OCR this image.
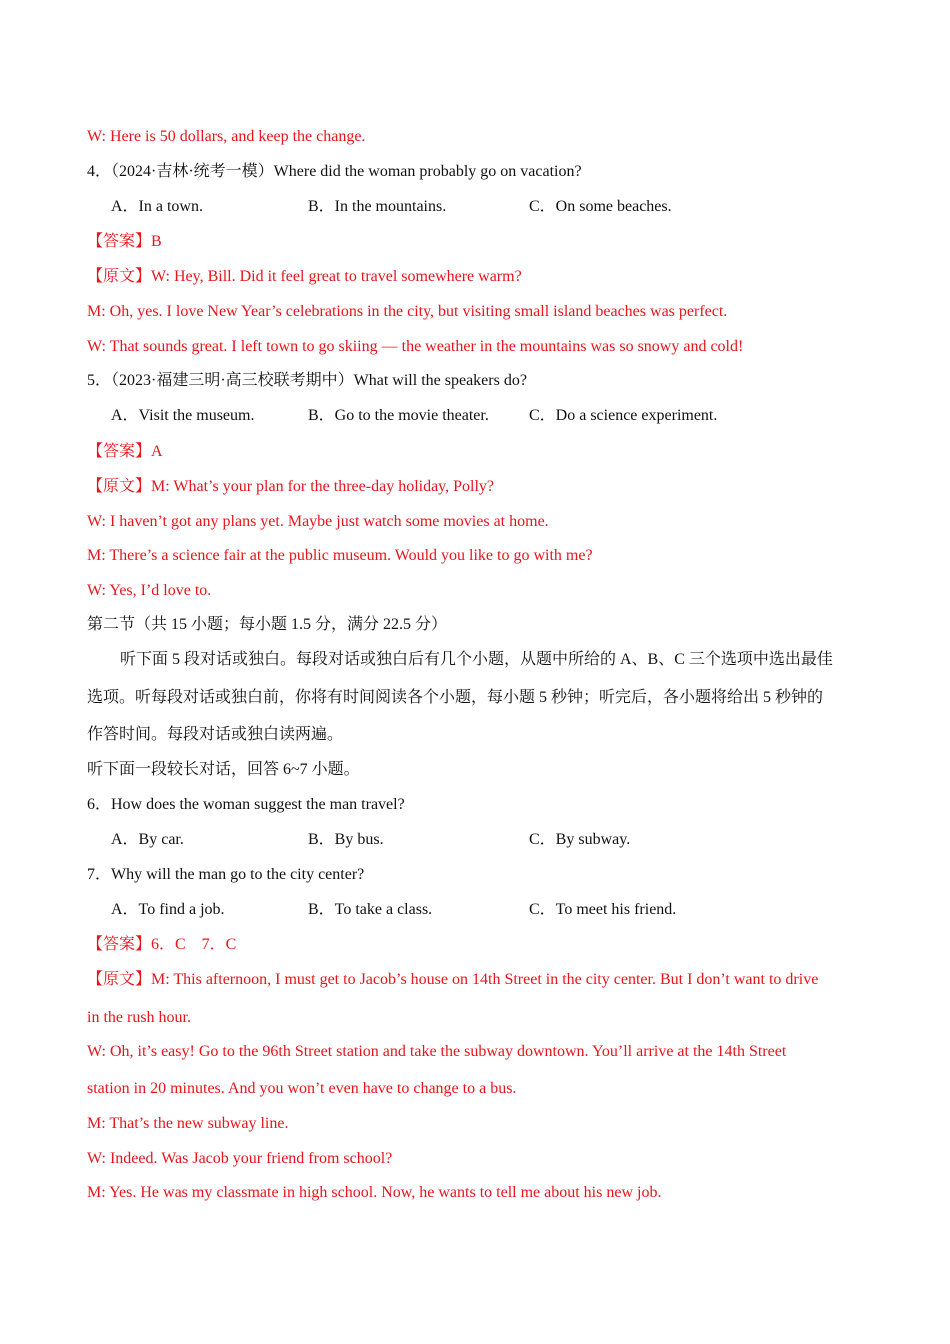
W: Here is 50 dollars, and keep the change.
4．（2024·吉林·统考一模）Where did the woman probably go on vacation?
A．In a town.	B．In the mountains.	C．On some beaches.
【答案】B
【原文】W: Hey, Bill. Did it feel great to travel somewhere warm?
M: Oh, yes. I love New Year’s celebrations in the city, but visiting small island beaches was perfect.
W: That sounds great. I left town to go skiing — the weather in the mountains was so snowy and cold!
5．（2023·福建三明·高三校联考期中）What will the speakers do?
A．Visit the museum.	B．Go to the movie theater.	C．Do a science experiment.
【答案】A
【原文】M: What’s your plan for the three-day holiday, Polly?
W: I haven’t got any plans yet. Maybe just watch some movies at home.
M: There’s a science fair at the public museum. Would you like to go with me?
W: Yes, I’d love to.
第二节（共 15 小题；每小题 1.5 分，满分 22.5 分）
听下面 5 段对话或独白。每段对话或独白后有几个小题，从题中所给的 A、B、C 三个选项中选出最佳
选项。听每段对话或独白前，你将有时间阅读各个小题，每小题 5 秒钟；听完后，各小题将给出 5 秒钟的
作答时间。每段对话或独白读两遍。
听下面一段较长对话，回答 6~7 小题。
6．How does the woman suggest the man travel?
A．By car.	B．By bus.	C．By subway.
7．Why will the man go to the city center?
A．To find a job.	B．To take a class.	C．To meet his friend.
【答案】6．C　7．C
【原文】M: This afternoon, I must get to Jacob’s house on 14th Street in the city center. But I don’t want to drive
in the rush hour.
W: Oh, it’s easy! Go to the 96th Street station and take the subway downtown. You’ll arrive at the 14th Street
station in 20 minutes. And you won’t even have to change to a bus.
M: That’s the new subway line.
W: Indeed. Was Jacob your friend from school?
M: Yes. He was my classmate in high school. Now, he wants to tell me about his new job.
